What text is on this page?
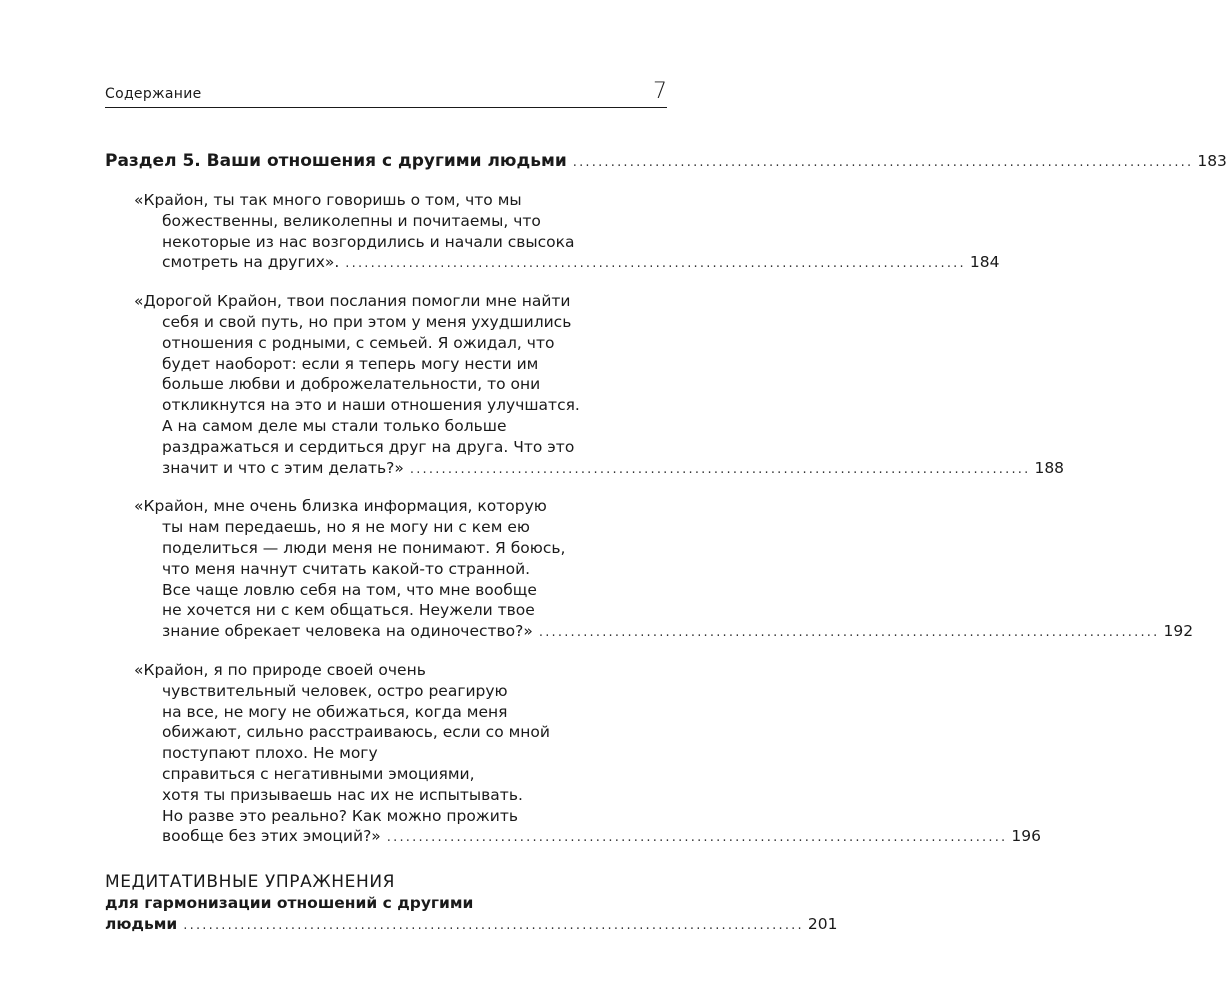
Содержание	7
Раздел 5. Ваши отношения с другими людьми .................................................................................................. 183
«Крайон, ты так много говоришь о том, что мы
божественны, великолепны и почитаемы, что
некоторые из нас возгордились и начали свысока
смотреть на других». .................................................................................................. 184
«Дорогой Крайон, твои послания помогли мне найти
себя и свой путь, но при этом у меня ухудшились
отношения с родными, с семьей. Я ожидал, что
будет наоборот: если я теперь могу нести им
больше любви и доброжелательности, то они
откликнутся на это и наши отношения улучшатся.
А на самом деле мы стали только больше
раздражаться и сердиться друг на друга. Что это
значит и что с этим делать?» .................................................................................................. 188
«Крайон, мне очень близка информация, которую
ты нам передаешь, но я не могу ни с кем ею
поделиться — люди меня не понимают. Я боюсь,
что меня начнут считать какой-то странной.
Все чаще ловлю себя на том, что мне вообще
не хочется ни с кем общаться. Неужели твое
знание обрекает человека на одиночество?» .................................................................................................. 192
«Крайон, я по природе своей очень
чувствительный человек, остро реагирую
на все, не могу не обижаться, когда меня
обижают, сильно расстраиваюсь, если со мной
поступают плохо. Не могу
справиться с негативными эмоциями,
хотя ты призываешь нас их не испытывать.
Но разве это реально? Как можно прожить
вообще без этих эмоций?» .................................................................................................. 196
МЕДИТАТИВНЫЕ УПРАЖНЕНИЯ
для гармонизации отношений с другими
людьми .................................................................................................. 201
